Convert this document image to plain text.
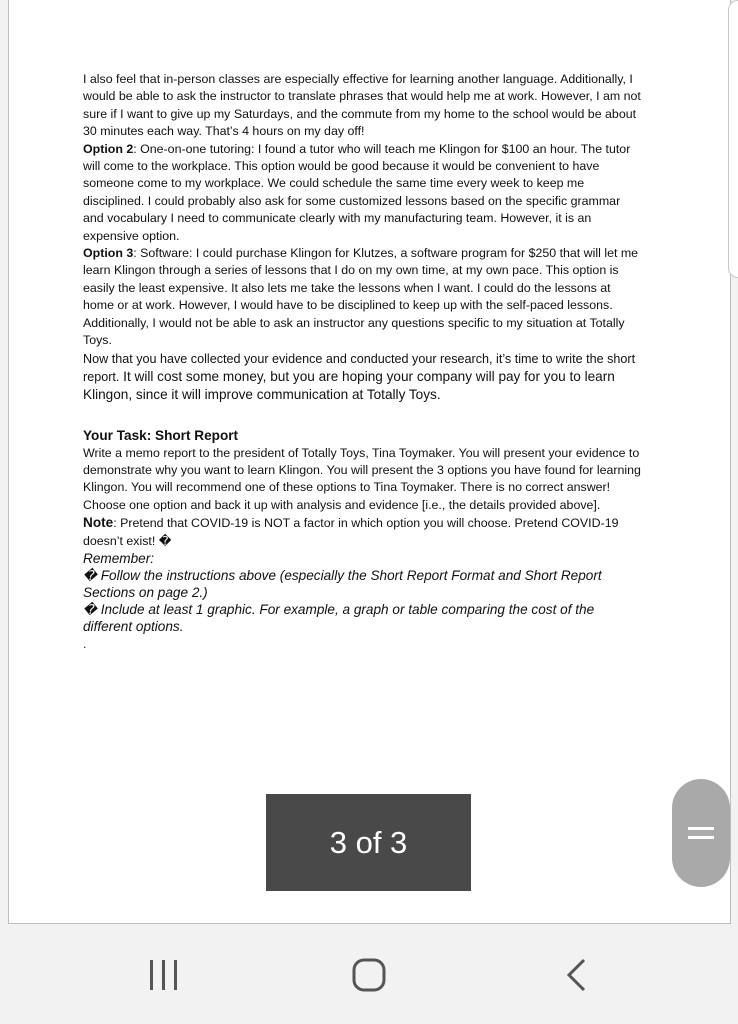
I also feel that in-person classes are especially effective for learning another language. Additionally, I would be able to ask the instructor to translate phrases that would help me at work. However, I am not sure if I want to give up my Saturdays, and the commute from my home to the school would be about 30 minutes each way. That’s 4 hours on my day off!

Option 2: One-on-one tutoring: I found a tutor who will teach me Klingon for $100 an hour. The tutor will come to the workplace. This option would be good because it would be convenient to have someone come to my workplace. We could schedule the same time every week to keep me disciplined. I could probably also ask for some customized lessons based on the specific grammar and vocabulary I need to communicate clearly with my manufacturing team. However, it is an expensive option.

Option 3: Software: I could purchase Klingon for Klutzes, a software program for $250 that will let me learn Klingon through a series of lessons that I do on my own time, at my own pace. This option is easily the least expensive. It also lets me take the lessons when I want. I could do the lessons at home or at work. However, I would have to be disciplined to keep up with the self-paced lessons. Additionally, I would not be able to ask an instructor any questions specific to my situation at Totally Toys.

Now that you have collected your evidence and conducted your research, it’s time to write the short report. It will cost some money, but you are hoping your company will pay for you to learn
Klingon, since it will improve communication at Totally Toys.

Your Task: Short Report

Write a memo report to the president of Totally Toys, Tina Toymaker. You will present your evidence to demonstrate why you want to learn Klingon. You will present the 3 options you have found for learning Klingon. You will recommend one of these options to Tina Toymaker. There is no correct answer! Choose one option and back it up with analysis and evidence [i.e., the details provided above].

Note: Pretend that COVID-19 is NOT a factor in which option you will choose. Pretend COVID-19 doesn’t exist! �

Remember:

� Follow the instructions above (especially the Short Report Format and Short Report Sections on page 2.)

� Include at least 1 graphic. For example, a graph or table comparing the cost of the different options.

.

3 of 3
